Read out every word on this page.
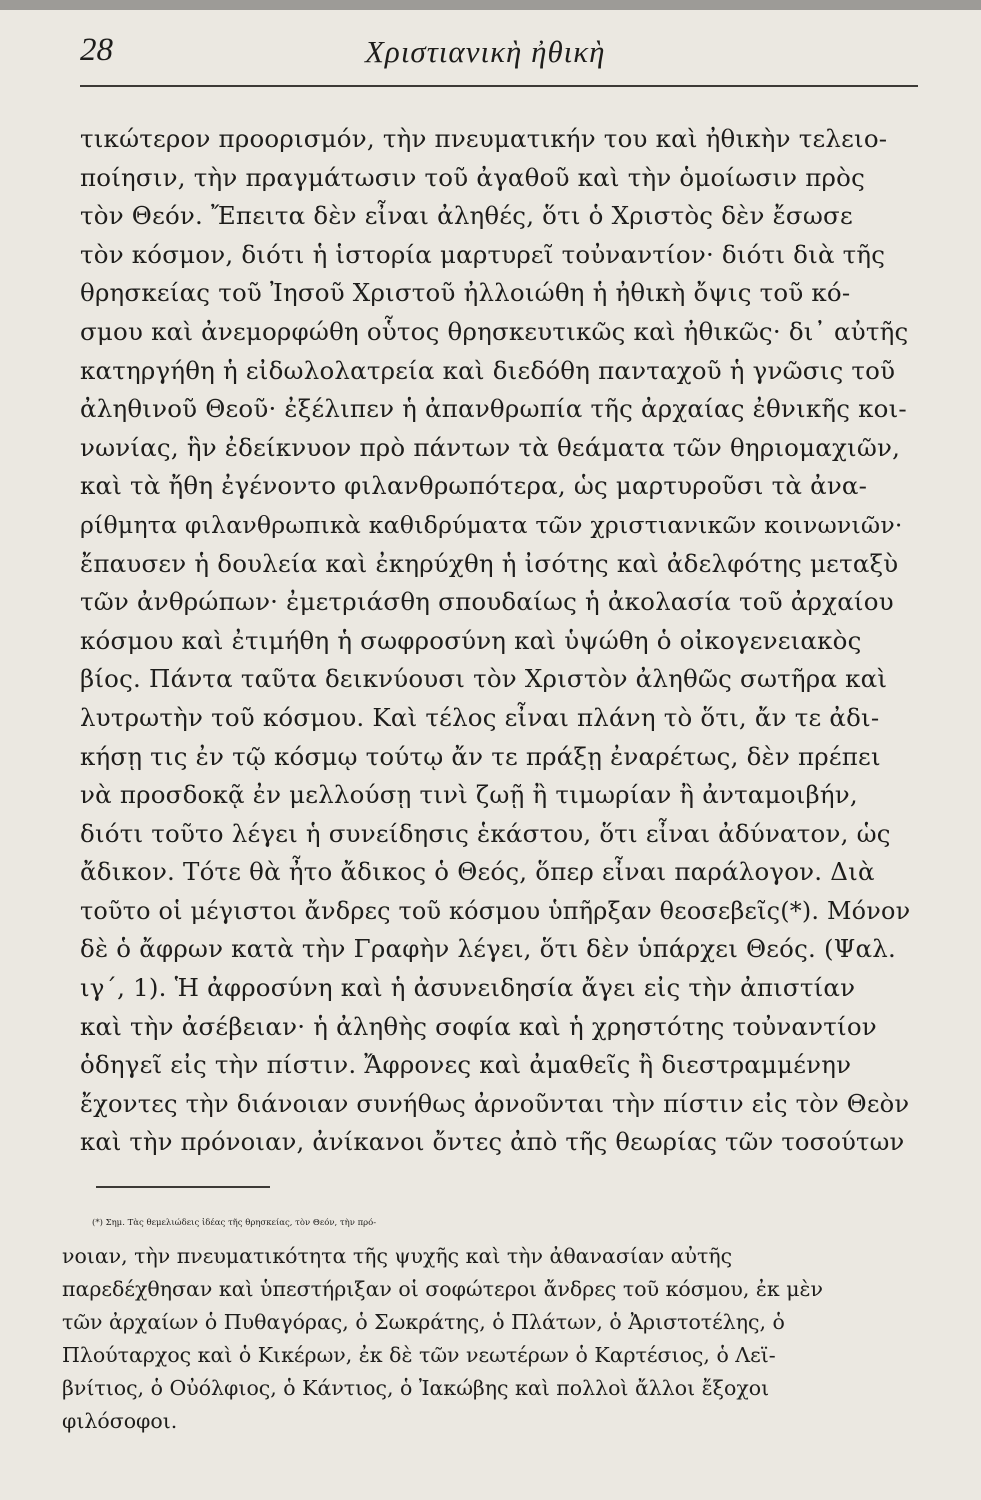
28	Χριστιανικὴ ἠθικὴ
τικώτερον προορισμόν, τὴν πνευματικήν του καὶ ἠθικὴν τελειο-
ποίησιν, τὴν πραγμάτωσιν τοῦ ἀγαθοῦ καὶ τὴν ὁμοίωσιν πρὸς
τὸν Θεόν. Ἔπειτα δὲν εἶναι ἀληθές, ὅτι ὁ Χριστὸς δὲν ἔσωσε
τὸν κόσμον, διότι ἡ ἱστορία μαρτυρεῖ τοὐναντίον· διότι διὰ τῆς
θρησκείας τοῦ Ἰησοῦ Χριστοῦ ἠλλοιώθη ἡ ἠθικὴ ὄψις τοῦ κό-
σμου καὶ ἀνεμορφώθη οὗτος θρησκευτικῶς καὶ ἠθικῶς· δι᾽ αὐτῆς
κατηργήθη ἡ εἰδωλολατρεία καὶ διεδόθη πανταχοῦ ἡ γνῶσις τοῦ
ἀληθινοῦ Θεοῦ· ἐξέλιπεν ἡ ἀπανθρωπία τῆς ἀρχαίας ἐθνικῆς κοι-
νωνίας, ἣν ἐδείκνυον πρὸ πάντων τὰ θεάματα τῶν θηριομαχιῶν,
καὶ τὰ ἤθη ἐγένοντο φιλανθρωπότερα, ὡς μαρτυροῦσι τὰ ἀνα-
ρίθμητα φιλανθρωπικὰ καθιδρύματα τῶν χριστιανικῶν κοινωνιῶν·
ἔπαυσεν ἡ δουλεία καὶ ἐκηρύχθη ἡ ἰσότης καὶ ἀδελφότης μεταξὺ
τῶν ἀνθρώπων· ἐμετριάσθη σπουδαίως ἡ ἀκολασία τοῦ ἀρχαίου
κόσμου καὶ ἐτιμήθη ἡ σωφροσύνη καὶ ὑψώθη ὁ οἰκογενειακὸς
βίος. Πάντα ταῦτα δεικνύουσι τὸν Χριστὸν ἀληθῶς σωτῆρα καὶ
λυτρωτὴν τοῦ κόσμου. Καὶ τέλος εἶναι πλάνη τὸ ὅτι, ἄν τε ἀδι-
κήσῃ τις ἐν τῷ κόσμῳ τούτῳ ἄν τε πράξῃ ἐναρέτως, δὲν πρέπει
νὰ προσδοκᾷ ἐν μελλούσῃ τινὶ ζωῇ ἢ τιμωρίαν ἢ ἀνταμοιβήν,
διότι τοῦτο λέγει ἡ συνείδησις ἑκάστου, ὅτι εἶναι ἀδύνατον, ὡς
ἄδικον. Τότε θὰ ἦτο ἄδικος ὁ Θεός, ὅπερ εἶναι παράλογον. Διὰ
τοῦτο οἱ μέγιστοι ἄνδρες τοῦ κόσμου ὑπῆρξαν θεοσεβεῖς(*). Μόνον
δὲ ὁ ἄφρων κατὰ τὴν Γραφὴν λέγει, ὅτι δὲν ὑπάρχει Θεός. (Ψαλ.
ιγ΄, 1). Ἡ ἀφροσύνη καὶ ἡ ἀσυνειδησία ἄγει εἰς τὴν ἀπιστίαν
καὶ τὴν ἀσέβειαν· ἡ ἀληθὴς σοφία καὶ ἡ χρηστότης τοὐναντίον
ὁδηγεῖ εἰς τὴν πίστιν. Ἄφρονες καὶ ἀμαθεῖς ἢ διεστραμμένην
ἔχοντες τὴν διάνοιαν συνήθως ἀρνοῦνται τὴν πίστιν εἰς τὸν Θεὸν
καὶ τὴν πρόνοιαν, ἀνίκανοι ὄντες ἀπὸ τῆς θεωρίας τῶν τοσούτων
(*) Σημ. Τὰς θεμελιώδεις ἰδέας τῆς θρησκείας, τὸν Θεόν, τὴν πρό-
νοιαν, τὴν πνευματικότητα τῆς ψυχῆς καὶ τὴν ἀθανασίαν αὐτῆς
παρεδέχθησαν καὶ ὑπεστήριξαν οἱ σοφώτεροι ἄνδρες τοῦ κόσμου, ἐκ μὲν
τῶν ἀρχαίων ὁ Πυθαγόρας, ὁ Σωκράτης, ὁ Πλάτων, ὁ Ἀριστοτέλης, ὁ
Πλούταρχος καὶ ὁ Κικέρων, ἐκ δὲ τῶν νεωτέρων ὁ Καρτέσιος, ὁ Λεϊ-
βνίτιος, ὁ Οὐόλφιος, ὁ Κάντιος, ὁ Ἰακώβης καὶ πολλοὶ ἄλλοι ἔξοχοι
φιλόσοφοι.
